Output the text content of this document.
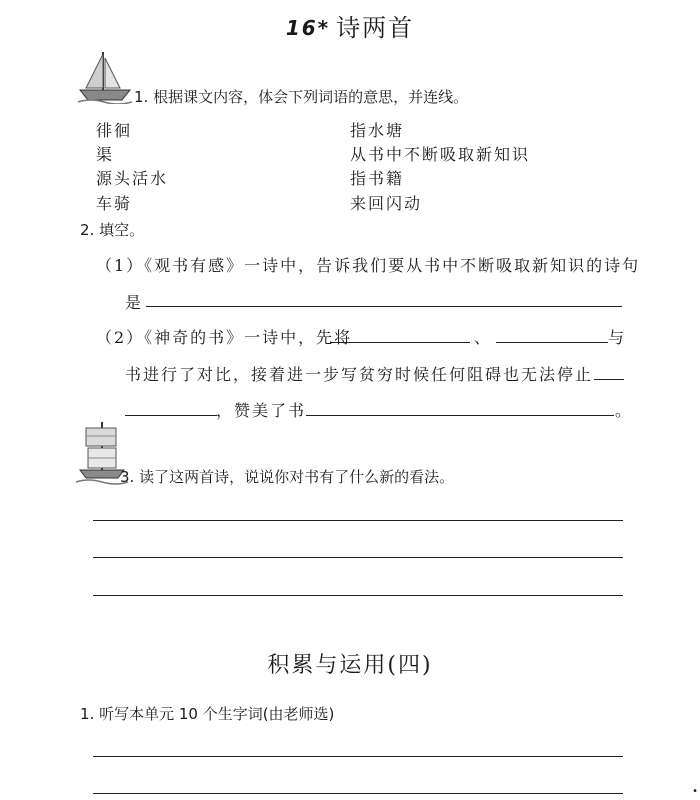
16* 诗两首
1. 根据课文内容，体会下列词语的意思，并连线。
徘徊
渠
源头活水
车骑
指水塘
从书中不断吸取新知识
指书籍
来回闪动
2. 填空。
（1）《观书有感》一诗中，告诉我们要从书中不断吸取新知识的诗句
是
（2）《神奇的书》一诗中，先将	、	与
书进行了对比，接着进一步写贫穷时候任何阻碍也无法停止
，赞美了书	。
3. 读了这两首诗，说说你对书有了什么新的看法。
积累与运用(四)
1. 听写本单元 10 个生字词(由老师选)
•
